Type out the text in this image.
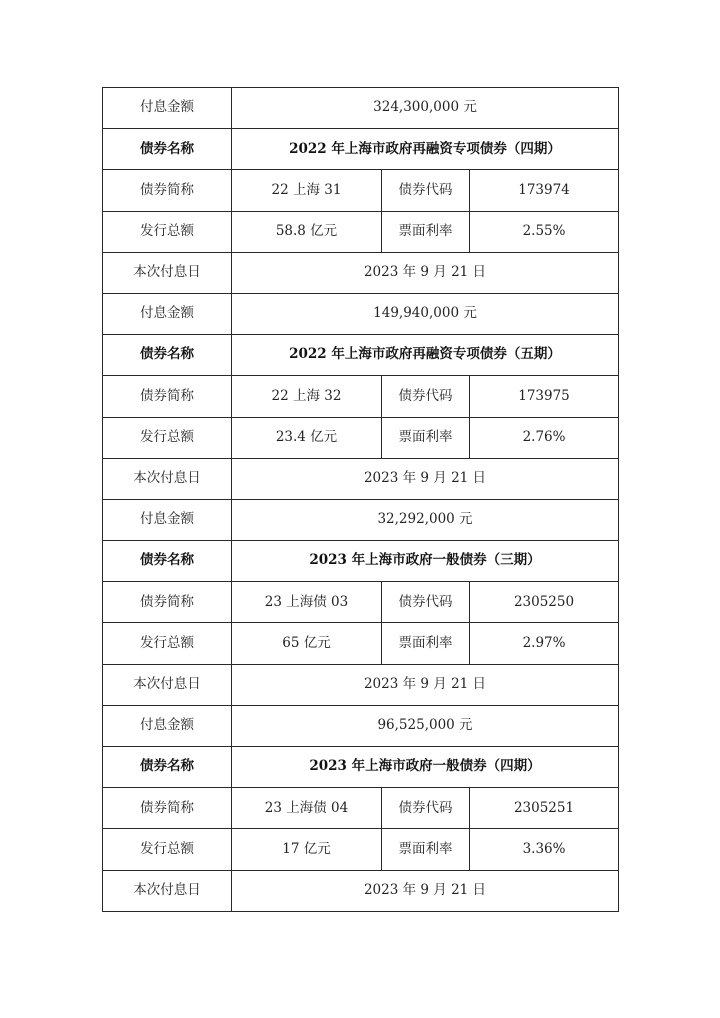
付息金额	324,300,000 元		
债券名称	2022 年上海市政府再融资专项债券（四期）		
债券简称	22 上海 31	债券代码	173974
发行总额	58.8 亿元	票面利率	2.55%
本次付息日	2023 年 9 月 21 日		
付息金额	149,940,000 元		
债券名称	2022 年上海市政府再融资专项债券（五期）		
债券简称	22 上海 32	债券代码	173975
发行总额	23.4 亿元	票面利率	2.76%
本次付息日	2023 年 9 月 21 日		
付息金额	32,292,000 元		
债券名称	2023 年上海市政府一般债券（三期）		
债券简称	23 上海债 03	债券代码	2305250
发行总额	65 亿元	票面利率	2.97%
本次付息日	2023 年 9 月 21 日		
付息金额	96,525,000 元		
债券名称	2023 年上海市政府一般债券（四期）		
债券简称	23 上海债 04	债券代码	2305251
发行总额	17 亿元	票面利率	3.36%
本次付息日	2023 年 9 月 21 日		
